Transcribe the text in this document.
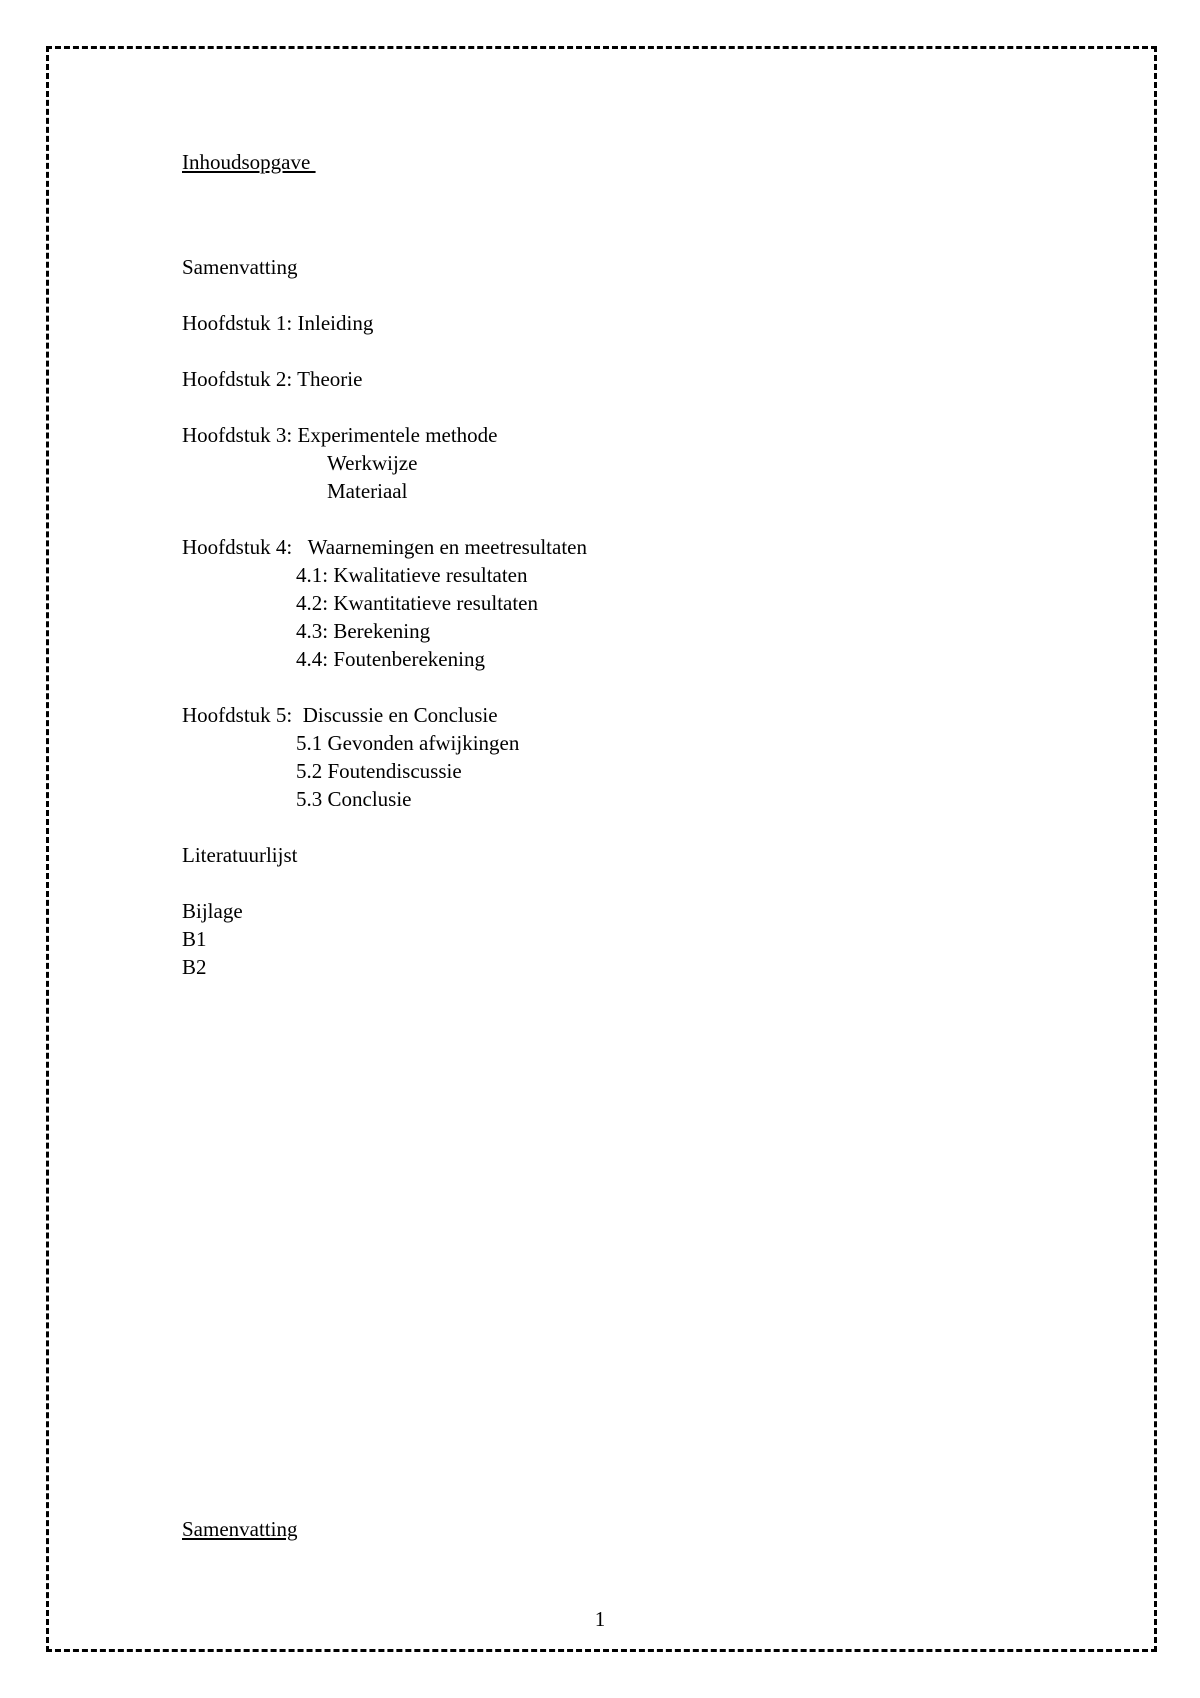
Inhoudsopgave
Samenvatting
Hoofdstuk 1: Inleiding
Hoofdstuk 2: Theorie
Hoofdstuk 3: Experimentele methode
Werkwijze
Materiaal
Hoofdstuk 4:   Waarnemingen en meetresultaten
4.1: Kwalitatieve resultaten
4.2: Kwantitatieve resultaten
4.3: Berekening
4.4: Foutenberekening
Hoofdstuk 5:  Discussie en Conclusie
5.1 Gevonden afwijkingen
5.2 Foutendiscussie
5.3 Conclusie
Literatuurlijst
Bijlage
B1
B2
Samenvatting
1
